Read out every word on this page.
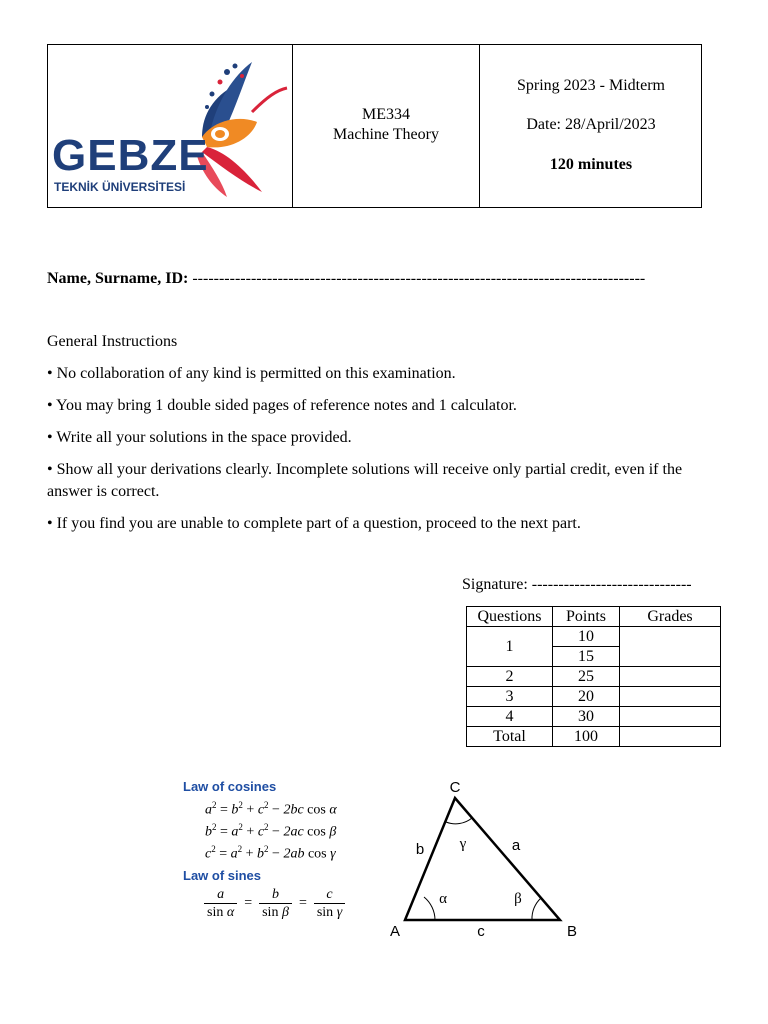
GEBZE
TEKNİK ÜNİVERSİTESİ
ME334
Machine Theory
Spring 2023 - Midterm
Date: 28/April/2023
120 minutes
Name, Surname, ID: -------------------------------------------------------------------------------------
General Instructions
• No collaboration of any kind is permitted on this examination.
• You may bring 1 double sided pages of reference notes and 1 calculator.
• Write all your solutions in the space provided.
• Show all your derivations clearly. Incomplete solutions will receive only partial credit, even if the answer is correct.
• If you find you are unable to complete part of a question, proceed to the next part.
Signature: ------------------------------
Questions	Points	Grades
1	10	
	15	
2	25	
3	20	
4	30	
Total	100	
Law of cosines
$a^2 = b^2 + c^2 - 2bc$ cos α
$b^2 = a^2 + c^2 - 2ac$ cos β
$c^2 = a^2 + b^2 - 2ab$ cos γ
Law of sines
$\frac{a}{\text{sin α}} = \frac{b}{\text{sin β}} = \frac{c}{\text{sin γ}}$
C
A	B
a
b
c
α	β
γ
